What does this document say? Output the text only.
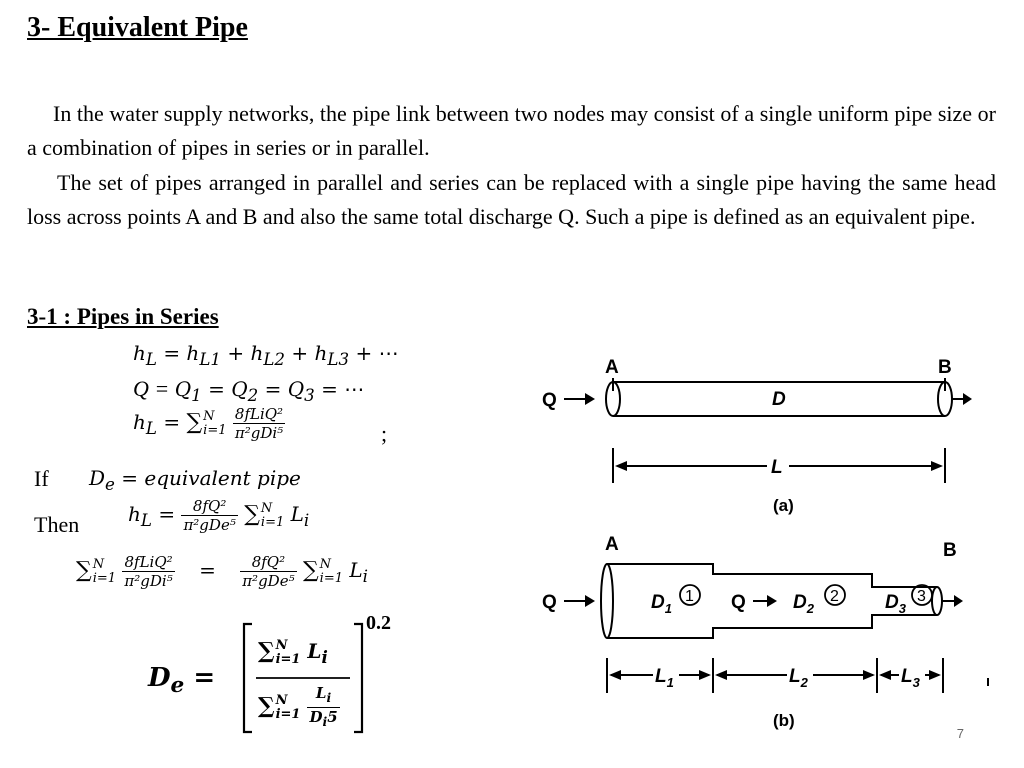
3- Equivalent Pipe

In the water supply networks, the pipe link between two nodes may consist of a single uniform pipe size or a combination of pipes in series or in parallel.

The set of pipes arranged in parallel and series can be replaced with a single pipe having the same head loss across points A and B and also the same total discharge Q. Such a pipe is defined as an equivalent pipe.

3-1 : Pipes in Series
$h_L = h_{L1} + h_{L2} + h_{L3}$ + ⋯
$Q = Q_1 = Q_2 = Q_3$ = ⋯
$h_L$ = ∑ N
i=1
$\frac{\text{8fLiQ²}}{\text{π²gDi⁵}}$	;
If $D_e$ = equivalent pipe
Then $h_L = \frac{\text{8fQ²}}{\text{π²gDe⁵}}$ ∑ N
i=1 $L_i$
∑ N
i=1
$\frac{\text{8fLiQ²}}{\text{π²gDi⁵}} = \frac{\text{8fQ²}}{\text{π²gDe⁵}}$ ∑ N
i=1 $L_i$
$D_e$ =
∑ N
i=1 $L_i$
∑ N
i=1
$\frac{L_i}{D_i5}$
0.2
A	B
Q	D
L
(a)
A	B
Q	$D_1$
1 Q $D_2$
2 $D_3$
3
$L_1$	$L_2$	$L_3$
(b)
7
